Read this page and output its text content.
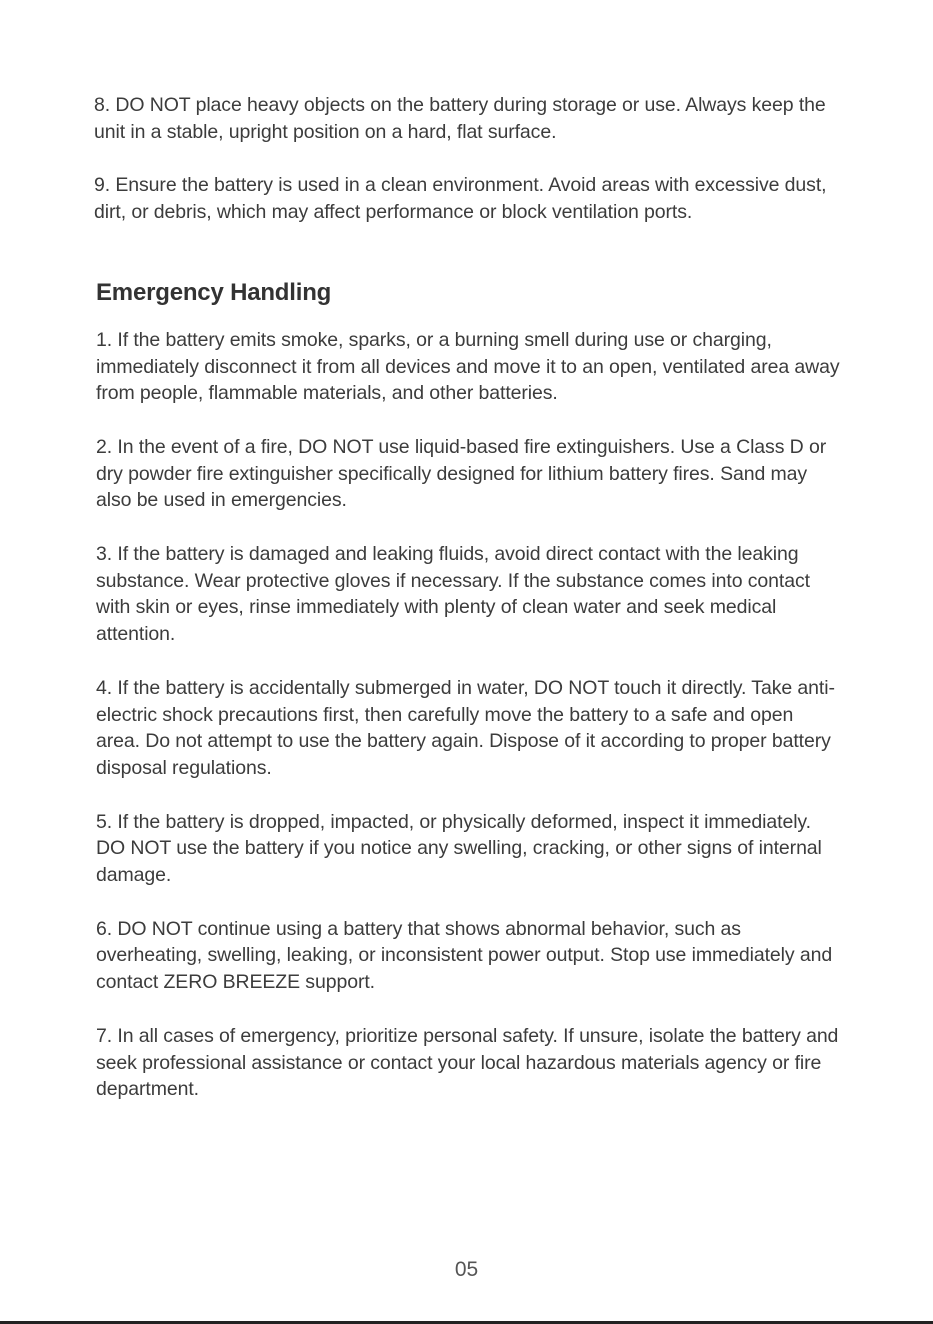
8. DO NOT place heavy objects on the battery during storage or use. Always keep the unit in a stable, upright position on a hard, flat surface.

9. Ensure the battery is used in a clean environment. Avoid areas with excessive dust, dirt, or debris, which may affect performance or block ventilation ports.

Emergency Handling

1. If the battery emits smoke, sparks, or a burning smell during use or charging, immediately disconnect it from all devices and move it to an open, ventilated area away from people, flammable materials, and other batteries.

2. In the event of a fire, DO NOT use liquid-based fire extinguishers. Use a Class D or dry powder fire extinguisher specifically designed for lithium battery fires. Sand may also be used in emergencies.

3. If the battery is damaged and leaking fluids, avoid direct contact with the leaking substance. Wear protective gloves if necessary. If the substance comes into contact with skin or eyes, rinse immediately with plenty of clean water and seek medical attention.

4. If the battery is accidentally submerged in water, DO NOT touch it directly. Take anti-electric shock precautions first, then carefully move the battery to a safe and open area. Do not attempt to use the battery again. Dispose of it according to proper battery disposal regulations.

5. If the battery is dropped, impacted, or physically deformed, inspect it immediately. DO NOT use the battery if you notice any swelling, cracking, or other signs of internal damage.

6. DO NOT continue using a battery that shows abnormal behavior, such as overheating, swelling, leaking, or inconsistent power output. Stop use immediately and contact ZERO BREEZE support.

7. In all cases of emergency, prioritize personal safety. If unsure, isolate the battery and seek professional assistance or contact your local hazardous materials agency or fire department.

05
